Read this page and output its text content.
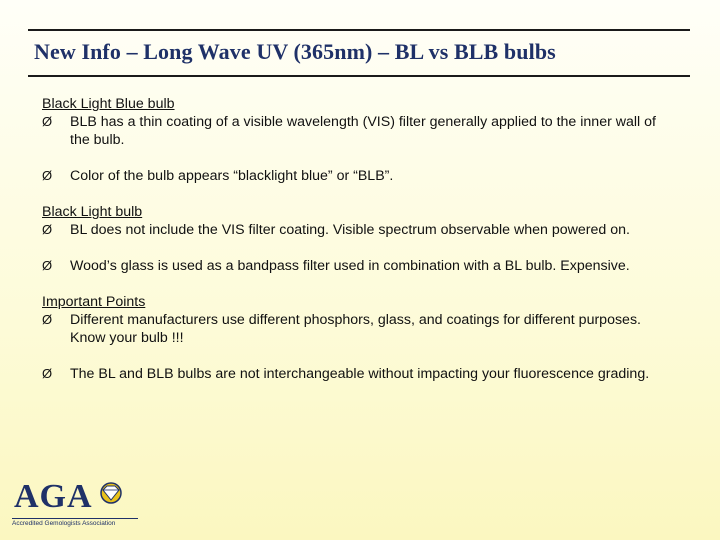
New Info – Long Wave UV (365nm) – BL vs BLB bulbs
Black Light Blue bulb
Ø	BLB has a thin coating of a visible wavelength (VIS) filter generally applied to the inner wall of the bulb.
Ø	Color of the bulb appears “blacklight blue” or “BLB”.
Black Light bulb
Ø	BL does not include the VIS filter coating. Visible spectrum observable when powered on.
Ø	Wood’s glass is used as a bandpass filter used in combination with a BL bulb. Expensive.
Important Points
Ø	Different manufacturers use different phosphors, glass, and coatings for different purposes. Know your bulb !!!
Ø	The BL and BLB bulbs are not interchangeable without impacting your fluorescence grading.
AGA
Accredited Gemologists Association
